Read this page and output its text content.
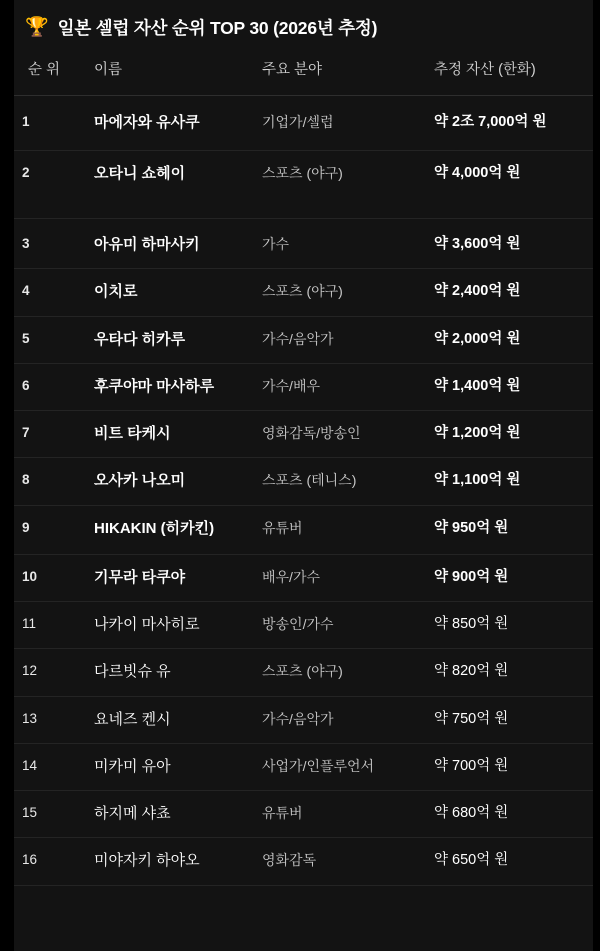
🏆 일본 셀럽 자산 순위 TOP 30 (2026년 추정)
순 위	이름	주요 분야	추정 자산 (한화)
1	마에자와 유사쿠	기업가/셀럽	약 2조 7,000억 원
2	오타니 쇼헤이	스포츠 (야구)	약 4,000억 원
3	아유미 하마사키	가수	약 3,600억 원
4	이치로	스포츠 (야구)	약 2,400억 원
5	우타다 히카루	가수/음악가	약 2,000억 원
6	후쿠야마 마사하루	가수/배우	약 1,400억 원
7	비트 타케시	영화감독/방송인	약 1,200억 원
8	오사카 나오미	스포츠 (테니스)	약 1,100억 원
9	HIKAKIN (히카킨)	유튜버	약 950억 원
10	기무라 타쿠야	배우/가수	약 900억 원
11	나카이 마사히로	방송인/가수	약 850억 원
12	다르빗슈 유	스포츠 (야구)	약 820억 원
13	요네즈 켄시	가수/음악가	약 750억 원
14	미카미 유아	사업가/인플루언서	약 700억 원
15	하지메 샤쵸	유튜버	약 680억 원
16	미야자키 하야오	영화감독	약 650억 원
